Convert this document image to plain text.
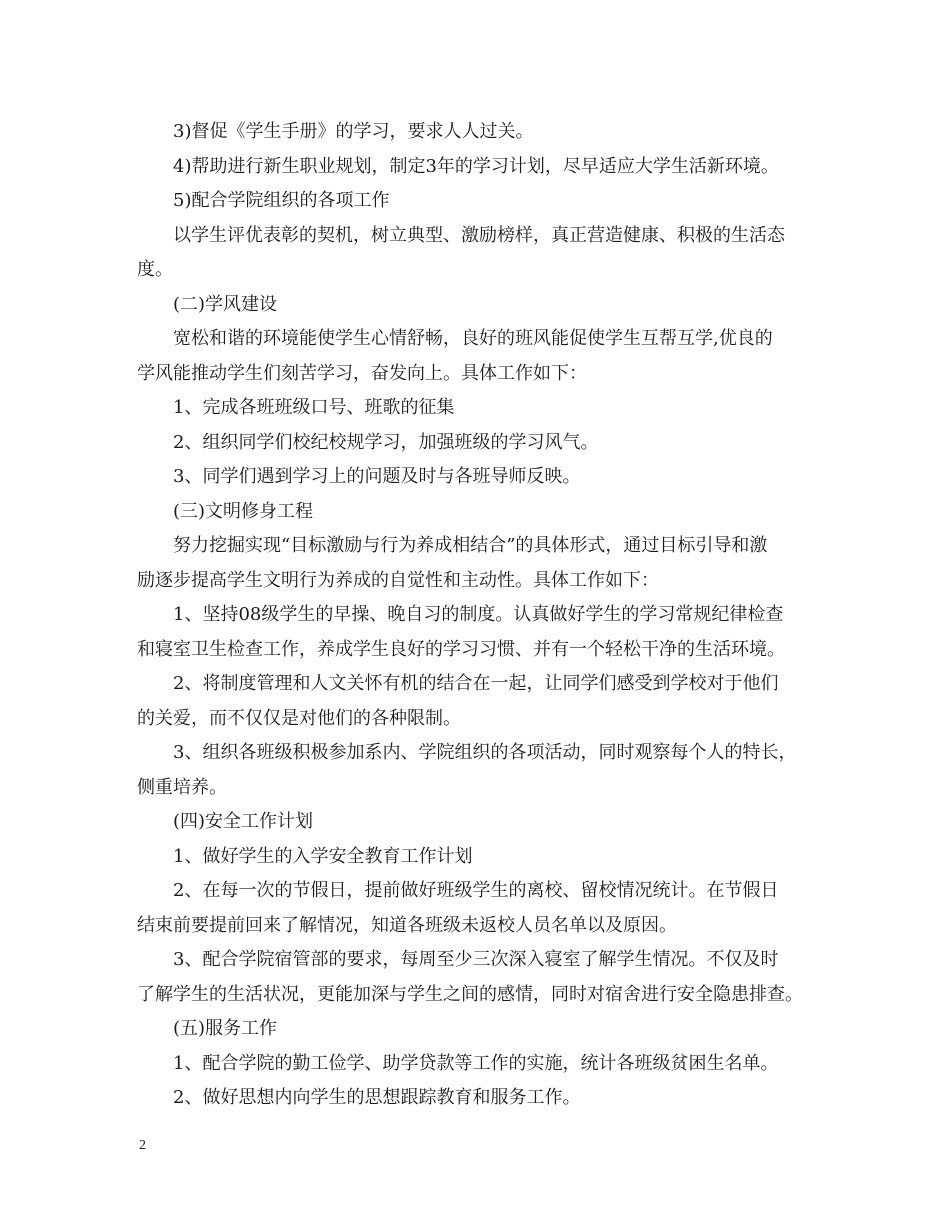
3)督促《学生手册》的学习，要求人人过关。
4)帮助进行新生职业规划，制定3年的学习计划，尽早适应大学生活新环境。
5)配合学院组织的各项工作
以学生评优表彰的契机，树立典型、激励榜样，真正营造健康、积极的生活态
度。
(二)学风建设
宽松和谐的环境能使学生心情舒畅，良好的班风能促使学生互帮互学,优良的
学风能推动学生们刻苦学习，奋发向上。具体工作如下：
1、完成各班班级口号、班歌的征集
2、组织同学们校纪校规学习，加强班级的学习风气。
3、同学们遇到学习上的问题及时与各班导师反映。
(三)文明修身工程
努力挖掘实现“目标激励与行为养成相结合”的具体形式，通过目标引导和激
励逐步提高学生文明行为养成的自觉性和主动性。具体工作如下：
1、坚持08级学生的早操、晚自习的制度。认真做好学生的学习常规纪律检查
和寝室卫生检查工作，养成学生良好的学习习惯、并有一个轻松干净的生活环境。
2、将制度管理和人文关怀有机的结合在一起，让同学们感受到学校对于他们
的关爱，而不仅仅是对他们的各种限制。
3、组织各班级积极参加系内、学院组织的各项活动，同时观察每个人的特长，
侧重培养。
(四)安全工作计划
1、做好学生的入学安全教育工作计划
2、在每一次的节假日，提前做好班级学生的离校、留校情况统计。在节假日
结束前要提前回来了解情况，知道各班级未返校人员名单以及原因。
3、配合学院宿管部的要求，每周至少三次深入寝室了解学生情况。不仅及时
了解学生的生活状况，更能加深与学生之间的感情，同时对宿舍进行安全隐患排查。
(五)服务工作
1、配合学院的勤工俭学、助学贷款等工作的实施，统计各班级贫困生名单。
2、做好思想内向学生的思想跟踪教育和服务工作。
2
